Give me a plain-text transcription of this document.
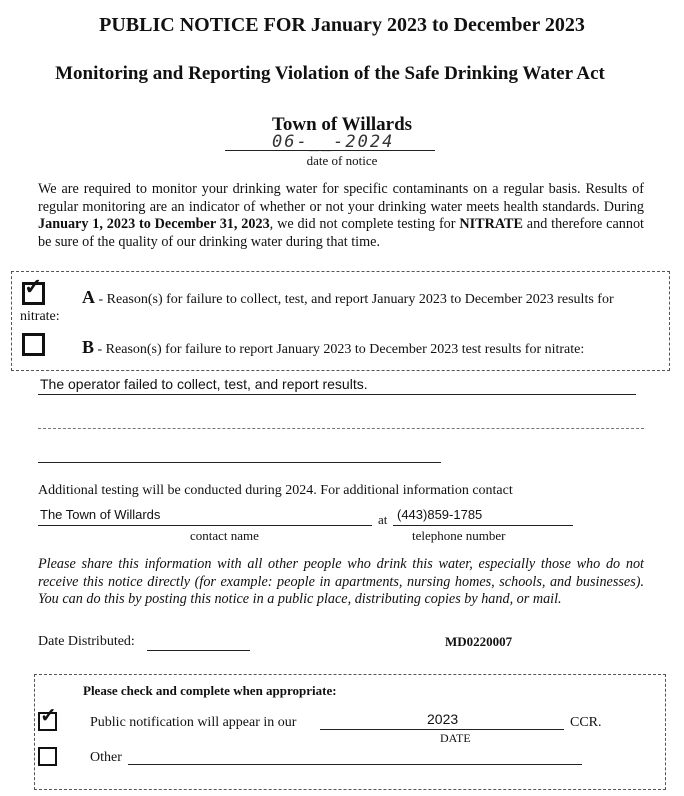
PUBLIC NOTICE FOR January 2023 to December 2023
Monitoring and Reporting Violation of the Safe Drinking Water Act
Town of Willards
06-__-2024
date of notice
We are required to monitor your drinking water for specific contaminants on a regular basis. Results of regular monitoring are an indicator of whether or not your drinking water meets health standards. During January 1, 2023 to December 31, 2023, we did not complete testing for NITRATE and therefore cannot be sure of the quality of our drinking water during that time.
✓ A - Reason(s) for failure to collect, test, and report January 2023 to December 2023 results for
nitrate:
B - Reason(s) for failure to report January 2023 to December 2023 test results for nitrate:
The operator failed to collect, test, and report results.
Additional testing will be conducted during 2024. For additional information contact
The Town of Willards	at (443)859-1785
contact name	telephone number
Please share this information with all other people who drink this water, especially those who do not receive this notice directly (for example: people in apartments, nursing homes, schools, and businesses). You can do this by posting this notice in a public place, distributing copies by hand, or mail.
Date Distributed:	MD0220007
Please check and complete when appropriate:
✓ Public notification will appear in our	2023	CCR.
DATE
Other
